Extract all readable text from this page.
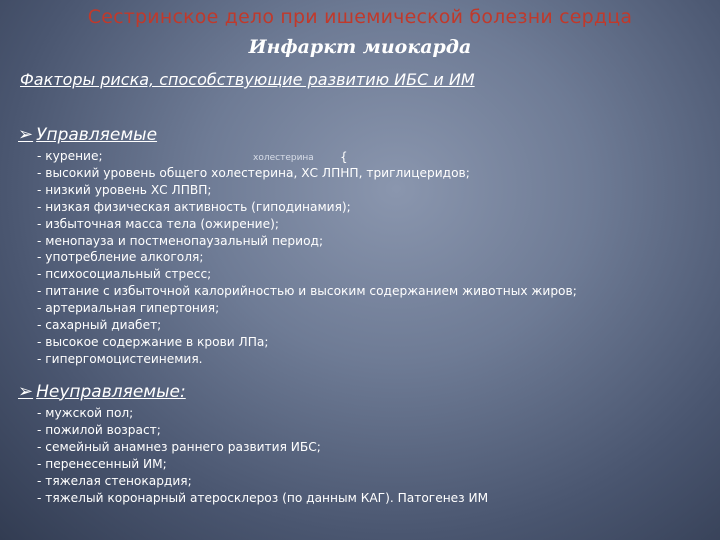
Сестринское дело при ишемической болезни сердца
Инфаркт миокарда

Факторы риска, способствующие развитию ИБС и ИМ

➢ Управляемые
- курение;
- высокий уровень общего холестерина, ХС ЛПНП, триглицеридов;
- низкий уровень ХС ЛПВП;
- низкая физическая активность (гиподинамия);
- избыточная масса тела (ожирение);
- менопауза и постменопаузальный период;
- употребление алкоголя;
- психосоциальный стресс;
- питание с избыточной калорийностью и высоким содержанием животных жиров;
- артериальная гипертония;
- сахарный диабет;
- высокое содержание в крови ЛПа;
- гипергомоцистеинемия.
холестерина {
➢ Неуправляемые:
- мужской пол;
- пожилой возраст;
- семейный анамнез раннего развития ИБС;
- перенесенный ИМ;
- тяжелая стенокардия;
- тяжелый коронарный атеросклероз (по данным КАГ). Патогенез ИМ
